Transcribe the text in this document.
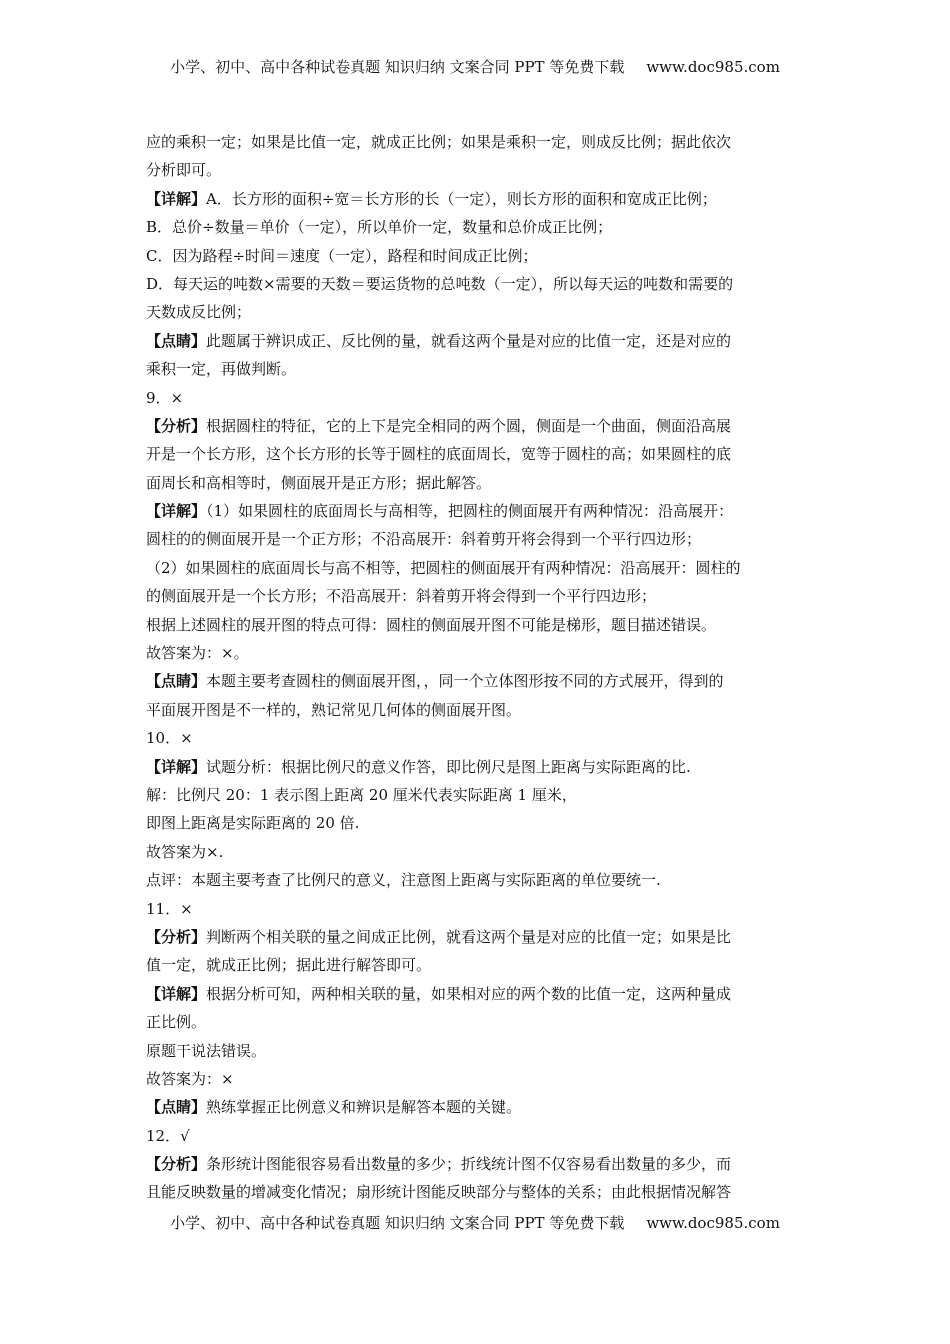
小学、初中、高中各种试卷真题 知识归纳 文案合同 PPT 等免费下载 www.doc985.com
应的乘积一定；如果是比值一定，就成正比例；如果是乘积一定，则成反比例；据此依次
分析即可。
【详解】A．长方形的面积÷宽＝长方形的长（一定），则长方形的面积和宽成正比例；
B．总价÷数量＝单价（一定），所以单价一定，数量和总价成正比例；
C．因为路程÷时间＝速度（一定），路程和时间成正比例；
D．每天运的吨数×需要的天数＝要运货物的总吨数（一定），所以每天运的吨数和需要的
天数成反比例；
【点睛】此题属于辨识成正、反比例的量，就看这两个量是对应的比值一定，还是对应的
乘积一定，再做判断。
9．×
【分析】根据圆柱的特征，它的上下是完全相同的两个圆，侧面是一个曲面，侧面沿高展
开是一个长方形，这个长方形的长等于圆柱的底面周长，宽等于圆柱的高；如果圆柱的底
面周长和高相等时，侧面展开是正方形；据此解答。
【详解】（1）如果圆柱的底面周长与高相等，把圆柱的侧面展开有两种情况：沿高展开：
圆柱的的侧面展开是一个正方形；不沿高展开：斜着剪开将会得到一个平行四边形；
（2）如果圆柱的底面周长与高不相等，把圆柱的侧面展开有两种情况：沿高展开：圆柱的
的侧面展开是一个长方形；不沿高展开：斜着剪开将会得到一个平行四边形；
根据上述圆柱的展开图的特点可得：圆柱的侧面展开图不可能是梯形，题目描述错误。
故答案为：×。
【点睛】本题主要考查圆柱的侧面展开图，，同一个立体图形按不同的方式展开，得到的
平面展开图是不一样的，熟记常见几何体的侧面展开图。
10．×
【详解】试题分析：根据比例尺的意义作答，即比例尺是图上距离与实际距离的比.
解：比例尺 20：1 表示图上距离 20 厘米代表实际距离 1 厘米，
即图上距离是实际距离的 20 倍.
故答案为×.
点评：本题主要考查了比例尺的意义，注意图上距离与实际距离的单位要统一.
11．×
【分析】判断两个相关联的量之间成正比例，就看这两个量是对应的比值一定；如果是比
值一定，就成正比例；据此进行解答即可。
【详解】根据分析可知，两种相关联的量，如果相对应的两个数的比值一定，这两种量成
正比例。
原题干说法错误。
故答案为：×
【点睛】熟练掌握正比例意义和辨识是解答本题的关键。
12．√
【分析】条形统计图能很容易看出数量的多少；折线统计图不仅容易看出数量的多少，而
且能反映数量的增减变化情况；扇形统计图能反映部分与整体的关系；由此根据情况解答
小学、初中、高中各种试卷真题 知识归纳 文案合同 PPT 等免费下载 www.doc985.com
